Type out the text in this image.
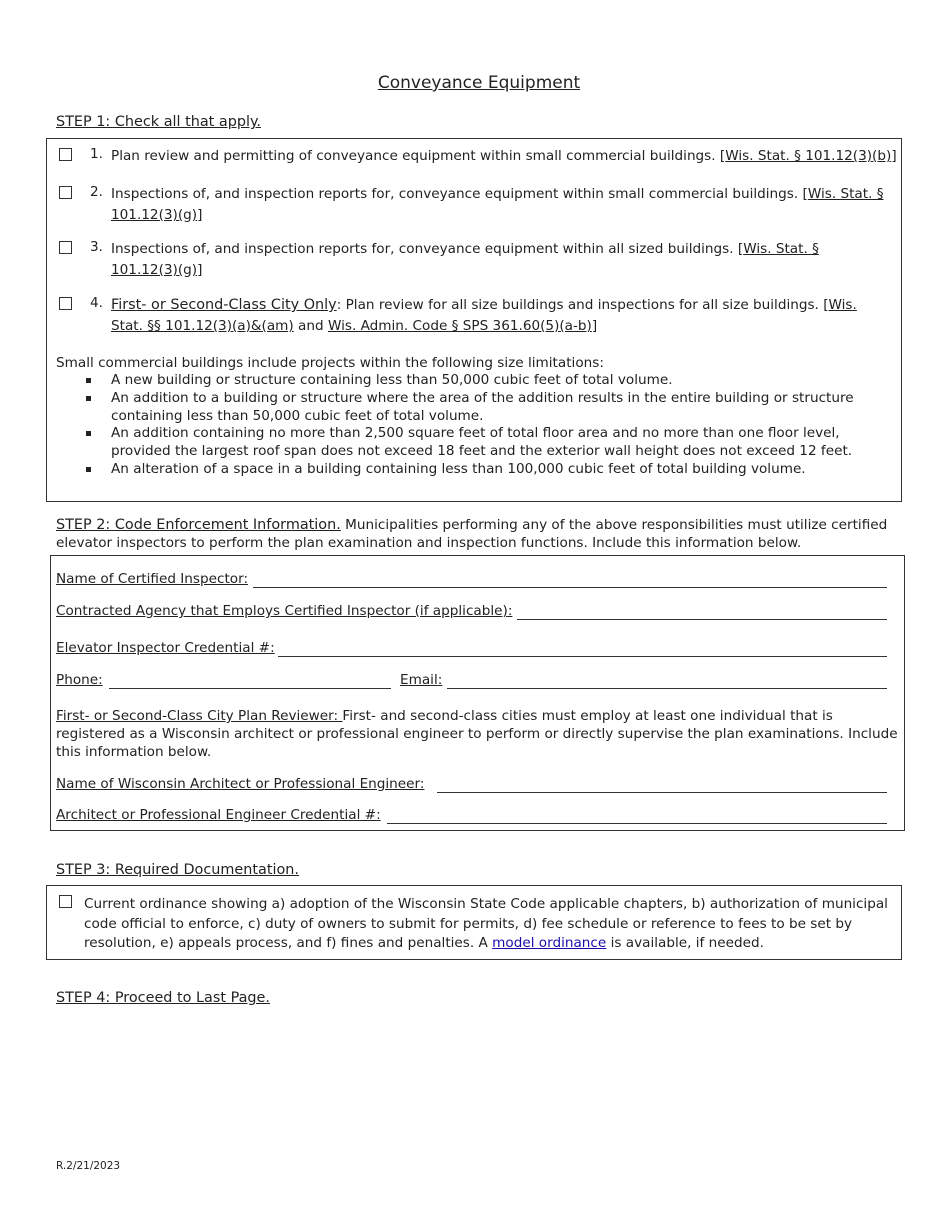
Conveyance Equipment
STEP 1: Check all that apply.
1. Plan review and permitting of conveyance equipment within small commercial buildings. [Wis. Stat. § 101.12(3)(b)]
2. Inspections of, and inspection reports for, conveyance equipment within small commercial buildings. [Wis. Stat. § 101.12(3)(g)]
3. Inspections of, and inspection reports for, conveyance equipment within all sized buildings. [Wis. Stat. § 101.12(3)(g)]
4. First- or Second-Class City Only: Plan review for all size buildings and inspections for all size buildings. [Wis. Stat. §§ 101.12(3)(a)&(am) and Wis. Admin. Code § SPS 361.60(5)(a-b)]
Small commercial buildings include projects within the following size limitations:
A new building or structure containing less than 50,000 cubic feet of total volume.
An addition to a building or structure where the area of the addition results in the entire building or structure containing less than 50,000 cubic feet of total volume.
An addition containing no more than 2,500 square feet of total floor area and no more than one floor level, provided the largest roof span does not exceed 18 feet and the exterior wall height does not exceed 12 feet.
An alteration of a space in a building containing less than 100,000 cubic feet of total building volume.
STEP 2: Code Enforcement Information. Municipalities performing any of the above responsibilities must utilize certified elevator inspectors to perform the plan examination and inspection functions. Include this information below.
Name of Certified Inspector:
Contracted Agency that Employs Certified Inspector (if applicable):
Elevator Inspector Credential #:
Phone:	Email:
First- or Second-Class City Plan Reviewer: First- and second-class cities must employ at least one individual that is registered as a Wisconsin architect or professional engineer to perform or directly supervise the plan examinations. Include this information below.
Name of Wisconsin Architect or Professional Engineer:
Architect or Professional Engineer Credential #:
STEP 3: Required Documentation.
Current ordinance showing a) adoption of the Wisconsin State Code applicable chapters, b) authorization of municipal code official to enforce, c) duty of owners to submit for permits, d) fee schedule or reference to fees to be set by resolution, e) appeals process, and f) fines and penalties. A model ordinance is available, if needed.
STEP 4: Proceed to Last Page.
R.2/21/2023
